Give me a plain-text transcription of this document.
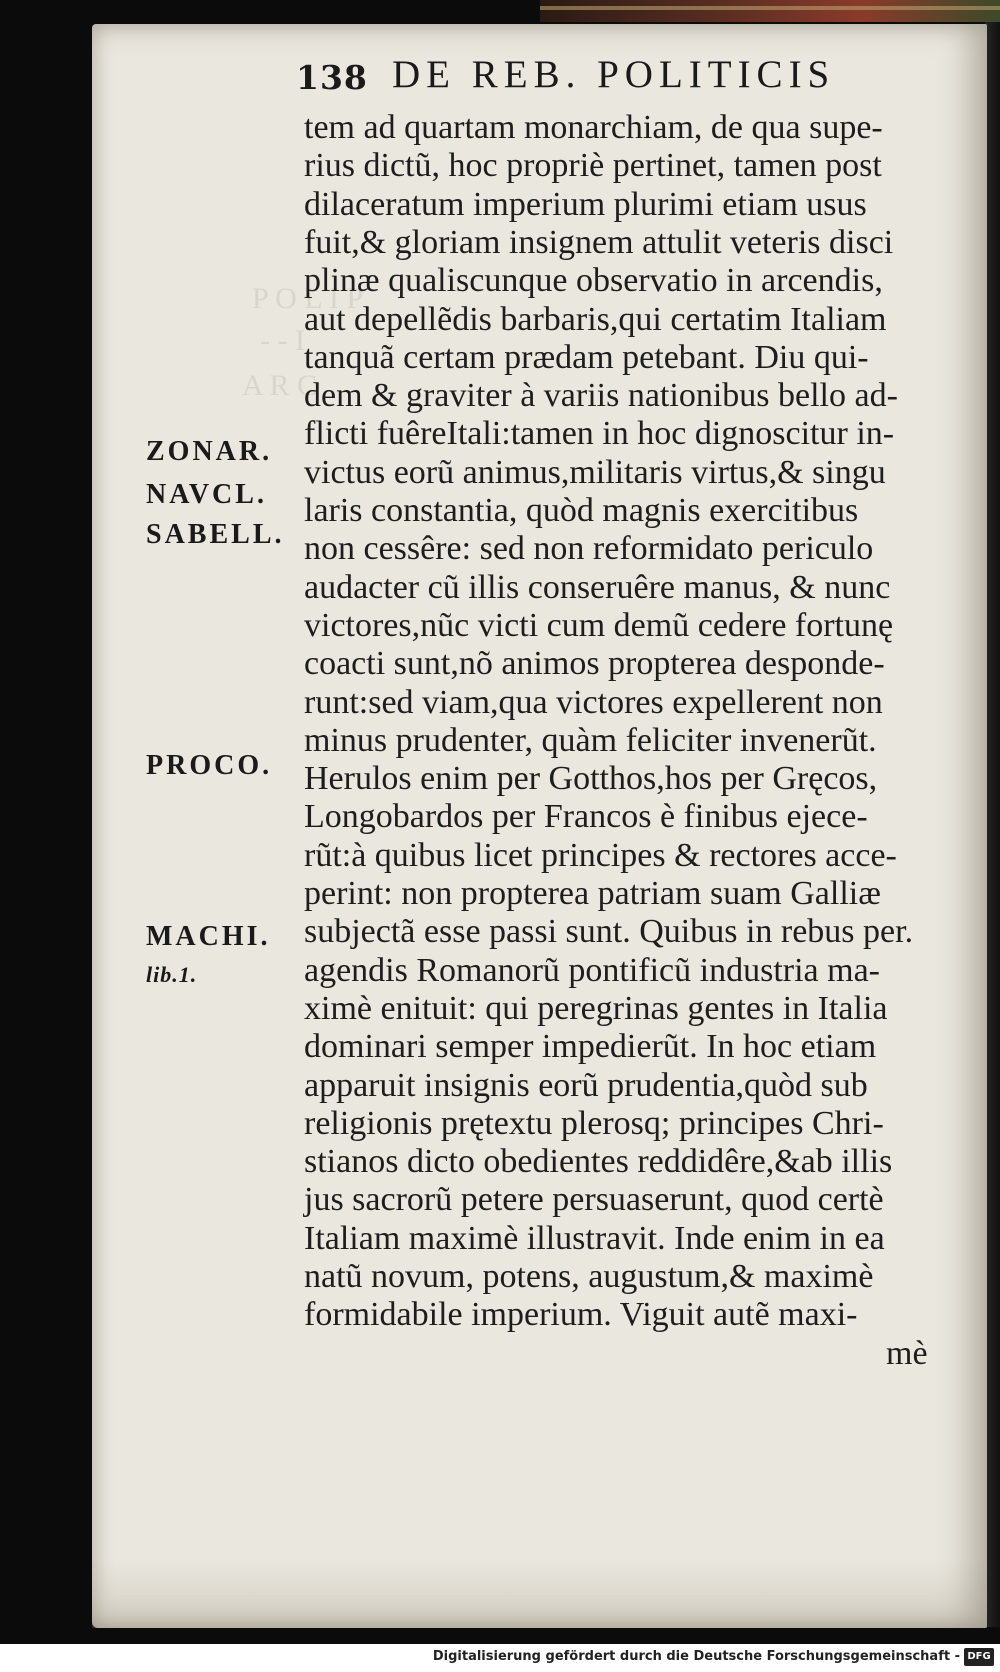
P O L I P
- - I
A R C
138 DE REB. POLITICIS
tem ad quartam monarchiam, de qua supe-
rius dictũ, hoc propriè pertinet, tamen post
dilaceratum imperium plurimi etiam usus
fuit,& gloriam insignem attulit veteris disci
plinæ qualiscunque observatio in arcendis,
aut depellẽdis barbaris,qui certatim Italiam
tanquã certam prædam petebant. Diu qui-
dem & graviter à variis nationibus bello ad-
flicti fuêreItali:tamen in hoc dignoscitur in-
victus eorũ animus,militaris virtus,& singu
laris constantia, quòd magnis exercitibus
non cessêre: sed non reformidato periculo
audacter cũ illis conseruêre manus, & nunc
victores,nũc victi cum demũ cedere fortunę
coacti sunt,nõ animos propterea desponde-
runt:sed viam,qua victores expellerent non
minus prudenter, quàm feliciter invenerũt.
Herulos enim per Gotthos,hos per Gręcos,
Longobardos per Francos è finibus ejece-
rũt:à quibus licet principes & rectores acce-
perint: non propterea patriam suam Galliæ
subjectã esse passi sunt. Quibus in rebus per.
agendis Romanorũ pontificũ industria ma-
ximè enituit: qui peregrinas gentes in Italia
dominari semper impedierũt. In hoc etiam
apparuit insignis eorũ prudentia,quòd sub
religionis prętextu plerosq; principes Chri-
stianos dicto obedientes reddidêre,&ab illis
jus sacrorũ petere persuaserunt, quod certè
Italiam maximè illustravit. Inde enim in ea
natũ novum, potens, augustum,& maximè
formidabile imperium. Viguit autẽ maxi-
mè
ZONAR.
NAVCL.
SABELL.
PROCO.
MACHI.
lib.1.
Digitalisierung gefördert durch die Deutsche Forschungsgemeinschaft - DFG
